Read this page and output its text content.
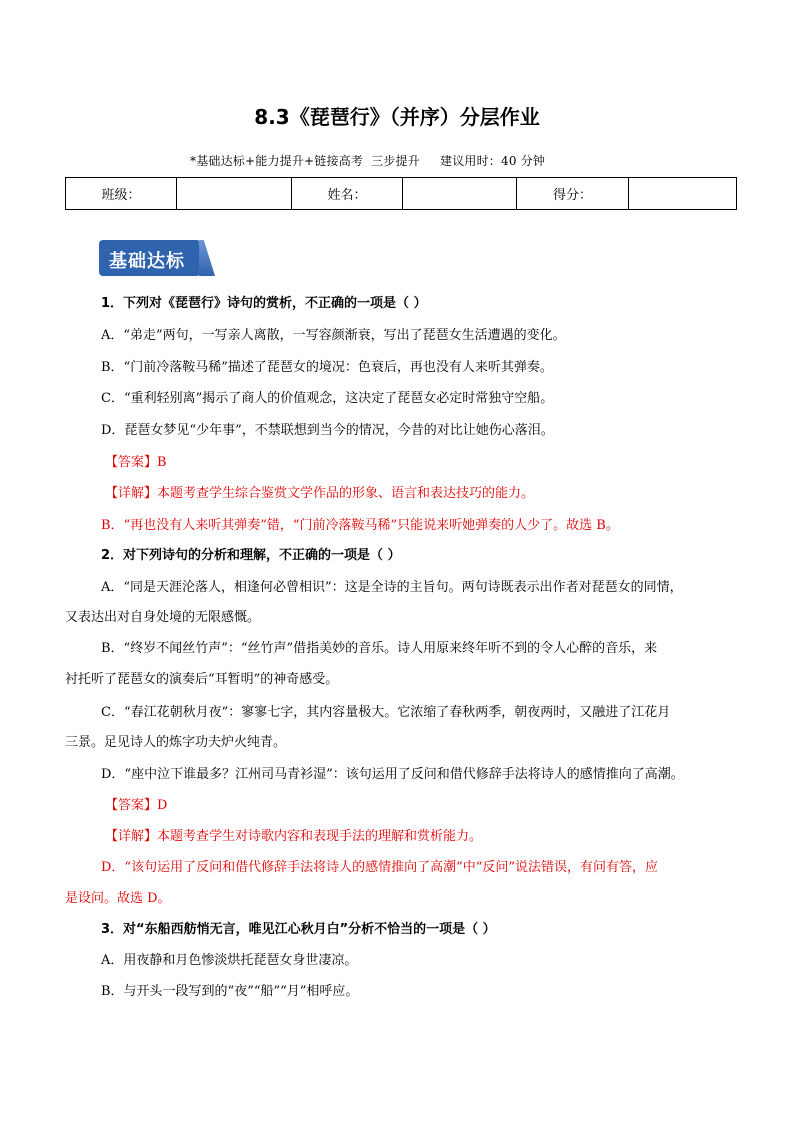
8.3《琵琶行》（并序）分层作业
*基础达标+能力提升+链接高考  三步提升     建议用时：40 分钟
班级：		姓名：		得分：	
基础达标
1．下列对《琵琶行》诗句的赏析，不正确的一项是（ ）
A．“弟走”两句，一写亲人离散，一写容颜渐衰，写出了琵琶女生活遭遇的变化。
B．“门前冷落鞍马稀”描述了琵琶女的境况：色衰后，再也没有人来听其弹奏。
C．“重利轻别离”揭示了商人的价值观念，这决定了琵琶女必定时常独守空船。
D．琵琶女梦见“少年事”，不禁联想到当今的情况，今昔的对比让她伤心落泪。
【答案】B
【详解】本题考查学生综合鉴赏文学作品的形象、语言和表达技巧的能力。
B．“再也没有人来听其弹奏”错，“门前冷落鞍马稀”只能说来听她弹奏的人少了。故选 B。
2．对下列诗句的分析和理解，不正确的一项是（ ）
A．“同是天涯沦落人，相逢何必曾相识”：这是全诗的主旨句。两句诗既表示出作者对琵琶女的同情，
又表达出对自身处境的无限感慨。
B．“终岁不闻丝竹声”：“丝竹声”借指美妙的音乐。诗人用原来终年听不到的令人心醉的音乐，来
衬托听了琵琶女的演奏后“耳暂明”的神奇感受。
C．“春江花朝秋月夜”：寥寥七字，其内容量极大。它浓缩了春秋两季，朝夜两时，又融进了江花月
三景。足见诗人的炼字功夫炉火纯青。
D．“座中泣下谁最多？江州司马青衫湿”：该句运用了反问和借代修辞手法将诗人的感情推向了高潮。
【答案】D
【详解】本题考查学生对诗歌内容和表现手法的理解和赏析能力。
D．“该句运用了反问和借代修辞手法将诗人的感情推向了高潮”中“反问”说法错误，有问有答，应
是设问。故选 D。
3．对“东船西舫悄无言，唯见江心秋月白”分析不恰当的一项是（ ）
A．用夜静和月色惨淡烘托琵琶女身世凄凉。
B．与开头一段写到的“夜”“船”“月”相呼应。
